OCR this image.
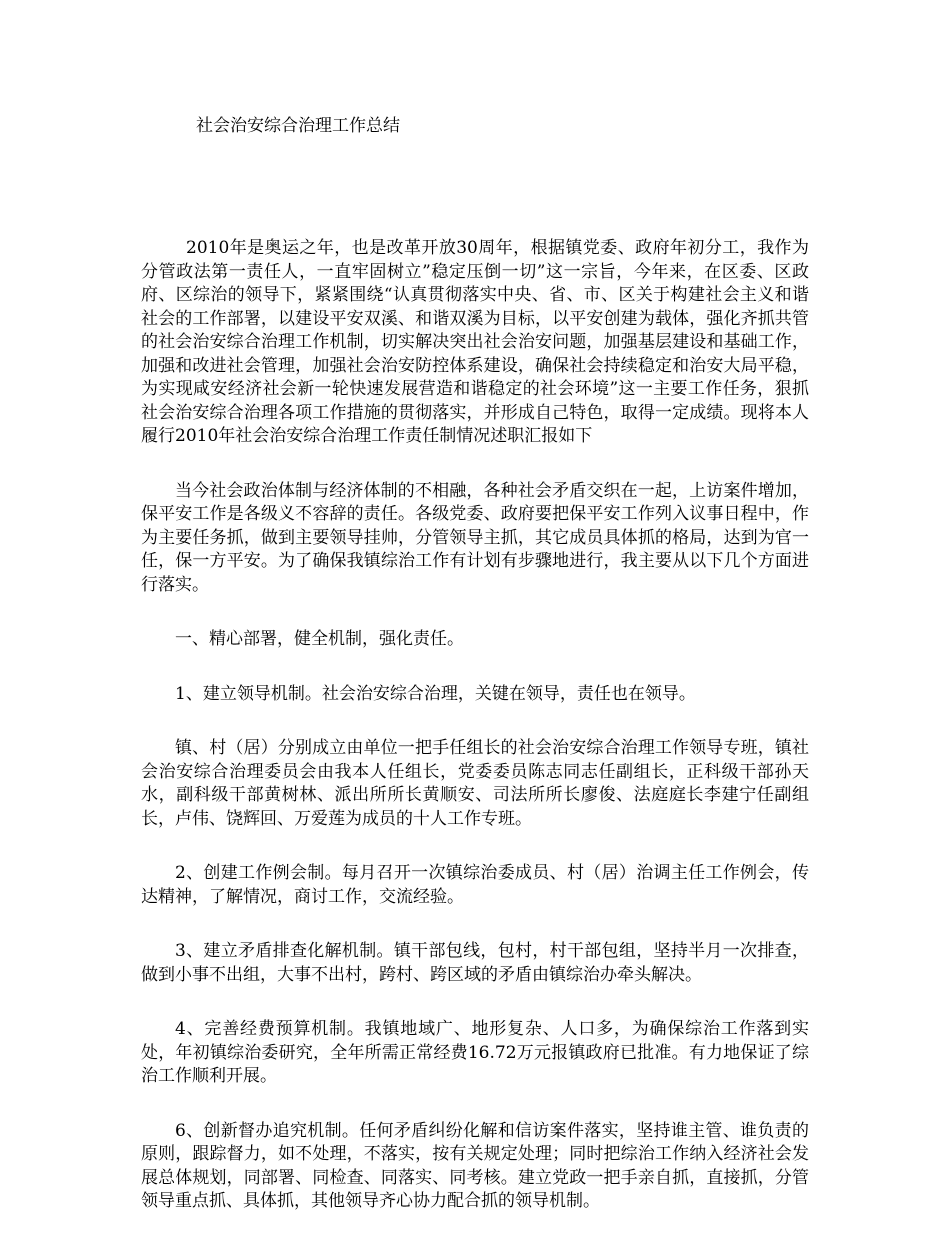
社会治安综合治理工作总结

2010年是奥运之年，也是改革开放30周年，根据镇党委、政府年初分工，我作为分管政法第一责任人，一直牢固树立”稳定压倒一切”这一宗旨，今年来，在区委、区政府、区综治的领导下，紧紧围绕“认真贯彻落实中央、省、市、区关于构建社会主义和谐社会的工作部署，以建设平安双溪、和谐双溪为目标，以平安创建为载体，强化齐抓共管的社会治安综合治理工作机制，切实解决突出社会治安问题，加强基层建设和基础工作，加强和改进社会管理，加强社会治安防控体系建设，确保社会持续稳定和治安大局平稳，为实现咸安经济社会新一轮快速发展营造和谐稳定的社会环境”这一主要工作任务，狠抓社会治安综合治理各项工作措施的贯彻落实，并形成自己特色，取得一定成绩。现将本人履行2010年社会治安综合治理工作责任制情况述职汇报如下

当今社会政治体制与经济体制的不相融，各种社会矛盾交织在一起，上访案件增加，保平安工作是各级义不容辞的责任。各级党委、政府要把保平安工作列入议事日程中，作为主要任务抓，做到主要领导挂帅，分管领导主抓，其它成员具体抓的格局，达到为官一任，保一方平安。为了确保我镇综治工作有计划有步骤地进行，我主要从以下几个方面进行落实。

一、精心部署，健全机制，强化责任。

1、建立领导机制。社会治安综合治理，关键在领导，责任也在领导。

镇、村（居）分别成立由单位一把手任组长的社会治安综合治理工作领导专班，镇社会治安综合治理委员会由我本人任组长，党委委员陈志同志任副组长，正科级干部孙天水，副科级干部黄树林、派出所所长黄顺安、司法所所长廖俊、法庭庭长李建宁任副组长，卢伟、饶辉回、万爱莲为成员的十人工作专班。

2、创建工作例会制。每月召开一次镇综治委成员、村（居）治调主任工作例会，传达精神，了解情况，商讨工作，交流经验。

3、建立矛盾排查化解机制。镇干部包线，包村，村干部包组，坚持半月一次排查，做到小事不出组，大事不出村，跨村、跨区域的矛盾由镇综治办牵头解决。

4、完善经费预算机制。我镇地域广、地形复杂、人口多，为确保综治工作落到实处，年初镇综治委研究，全年所需正常经费16.72万元报镇政府已批准。有力地保证了综治工作顺利开展。

6、创新督办追究机制。任何矛盾纠纷化解和信访案件落实，坚持谁主管、谁负责的原则，跟踪督力，如不处理，不落实，按有关规定处理；同时把综治工作纳入经济社会发展总体规划，同部署、同检查、同落实、同考核。建立党政一把手亲自抓，直接抓，分管领导重点抓、具体抓，其他领导齐心协力配合抓的领导机制。
